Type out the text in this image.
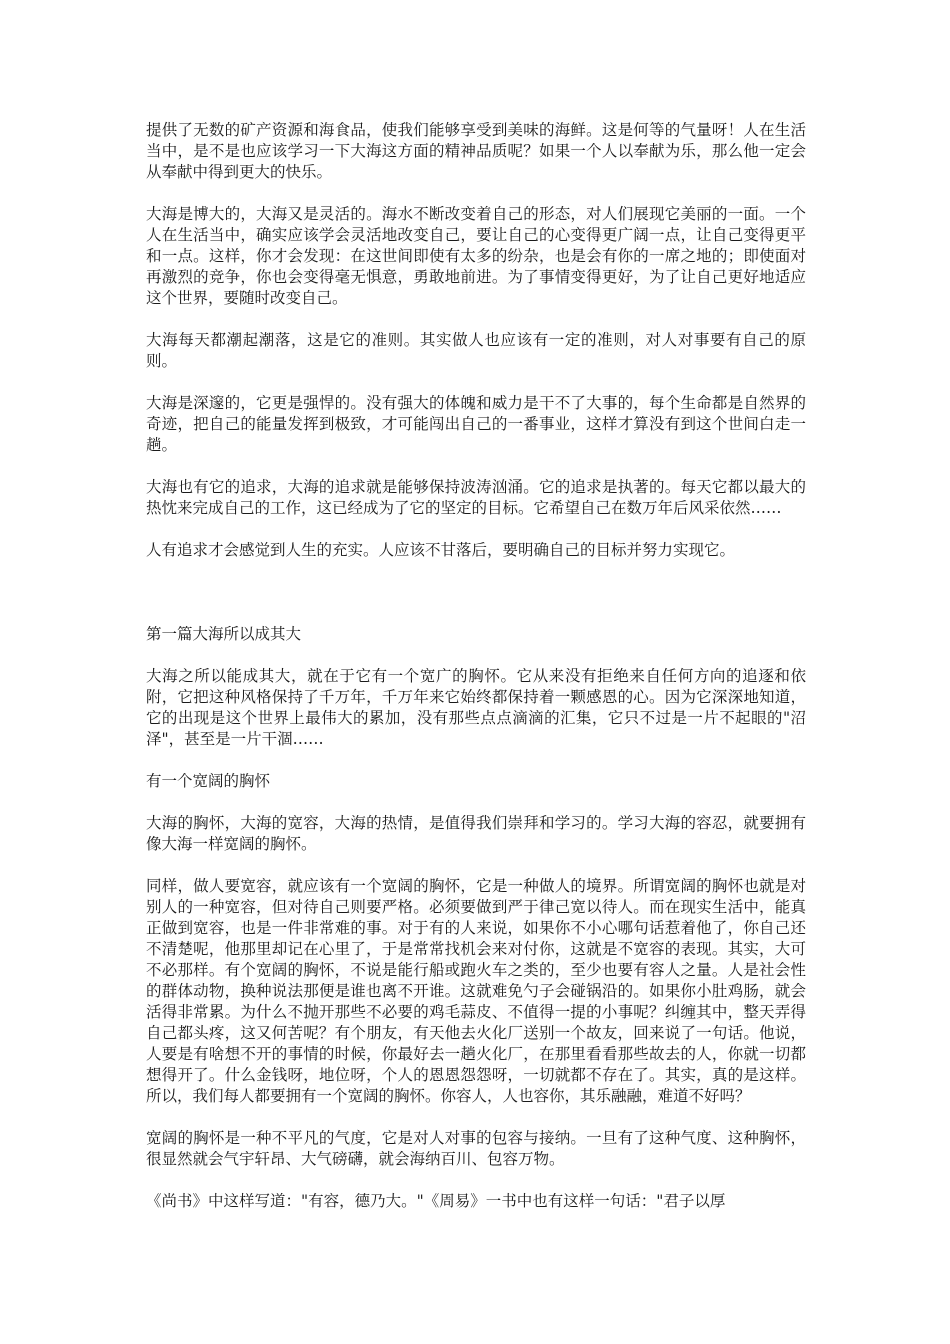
提供了无数的矿产资源和海食品，使我们能够享受到美味的海鲜。这是何等的气量呀！人在生活当中，是不是也应该学习一下大海这方面的精神品质呢？如果一个人以奉献为乐，那么他一定会从奉献中得到更大的快乐。

大海是博大的，大海又是灵活的。海水不断改变着自己的形态，对人们展现它美丽的一面。一个人在生活当中，确实应该学会灵活地改变自己，要让自己的心变得更广阔一点，让自己变得更平和一点。这样，你才会发现：在这世间即使有太多的纷杂，也是会有你的一席之地的；即使面对再激烈的竞争，你也会变得毫无惧意，勇敢地前进。为了事情变得更好，为了让自己更好地适应这个世界，要随时改变自己。

大海每天都潮起潮落，这是它的准则。其实做人也应该有一定的准则，对人对事要有自己的原则。

大海是深邃的，它更是强悍的。没有强大的体魄和威力是干不了大事的，每个生命都是自然界的奇迹，把自己的能量发挥到极致，才可能闯出自己的一番事业，这样才算没有到这个世间白走一趟。

大海也有它的追求，大海的追求就是能够保持波涛汹涌。它的追求是执著的。每天它都以最大的热忱来完成自己的工作，这已经成为了它的坚定的目标。它希望自己在数万年后风采依然……

人有追求才会感觉到人生的充实。人应该不甘落后，要明确自己的目标并努力实现它。

第一篇大海所以成其大

大海之所以能成其大，就在于它有一个宽广的胸怀。它从来没有拒绝来自任何方向的追逐和依附，它把这种风格保持了千万年，千万年来它始终都保持着一颗感恩的心。因为它深深地知道，它的出现是这个世界上最伟大的累加，没有那些点点滴滴的汇集，它只不过是一片不起眼的"沼泽"，甚至是一片干涸……

有一个宽阔的胸怀

大海的胸怀，大海的宽容，大海的热情，是值得我们崇拜和学习的。学习大海的容忍，就要拥有像大海一样宽阔的胸怀。

同样，做人要宽容，就应该有一个宽阔的胸怀，它是一种做人的境界。所谓宽阔的胸怀也就是对别人的一种宽容，但对待自己则要严格。必须要做到严于律己宽以待人。而在现实生活中，能真正做到宽容，也是一件非常难的事。对于有的人来说，如果你不小心哪句话惹着他了，你自己还不清楚呢，他那里却记在心里了，于是常常找机会来对付你，这就是不宽容的表现。其实，大可不必那样。有个宽阔的胸怀，不说是能行船或跑火车之类的，至少也要有容人之量。人是社会性的群体动物，换种说法那便是谁也离不开谁。这就难免勺子会碰锅沿的。如果你小肚鸡肠，就会活得非常累。为什么不抛开那些不必要的鸡毛蒜皮、不值得一提的小事呢？纠缠其中，整天弄得自己都头疼，这又何苦呢？有个朋友，有天他去火化厂送别一个故友，回来说了一句话。他说，人要是有啥想不开的事情的时候，你最好去一趟火化厂，在那里看看那些故去的人，你就一切都想得开了。什么金钱呀，地位呀，个人的恩恩怨怨呀，一切就都不存在了。其实，真的是这样。所以，我们每人都要拥有一个宽阔的胸怀。你容人，人也容你，其乐融融，难道不好吗？

宽阔的胸怀是一种不平凡的气度，它是对人对事的包容与接纳。一旦有了这种气度、这种胸怀，很显然就会气宇轩昂、大气磅礴，就会海纳百川、包容万物。

《尚书》中这样写道："有容，德乃大。"《周易》一书中也有这样一句话："君子以厚
